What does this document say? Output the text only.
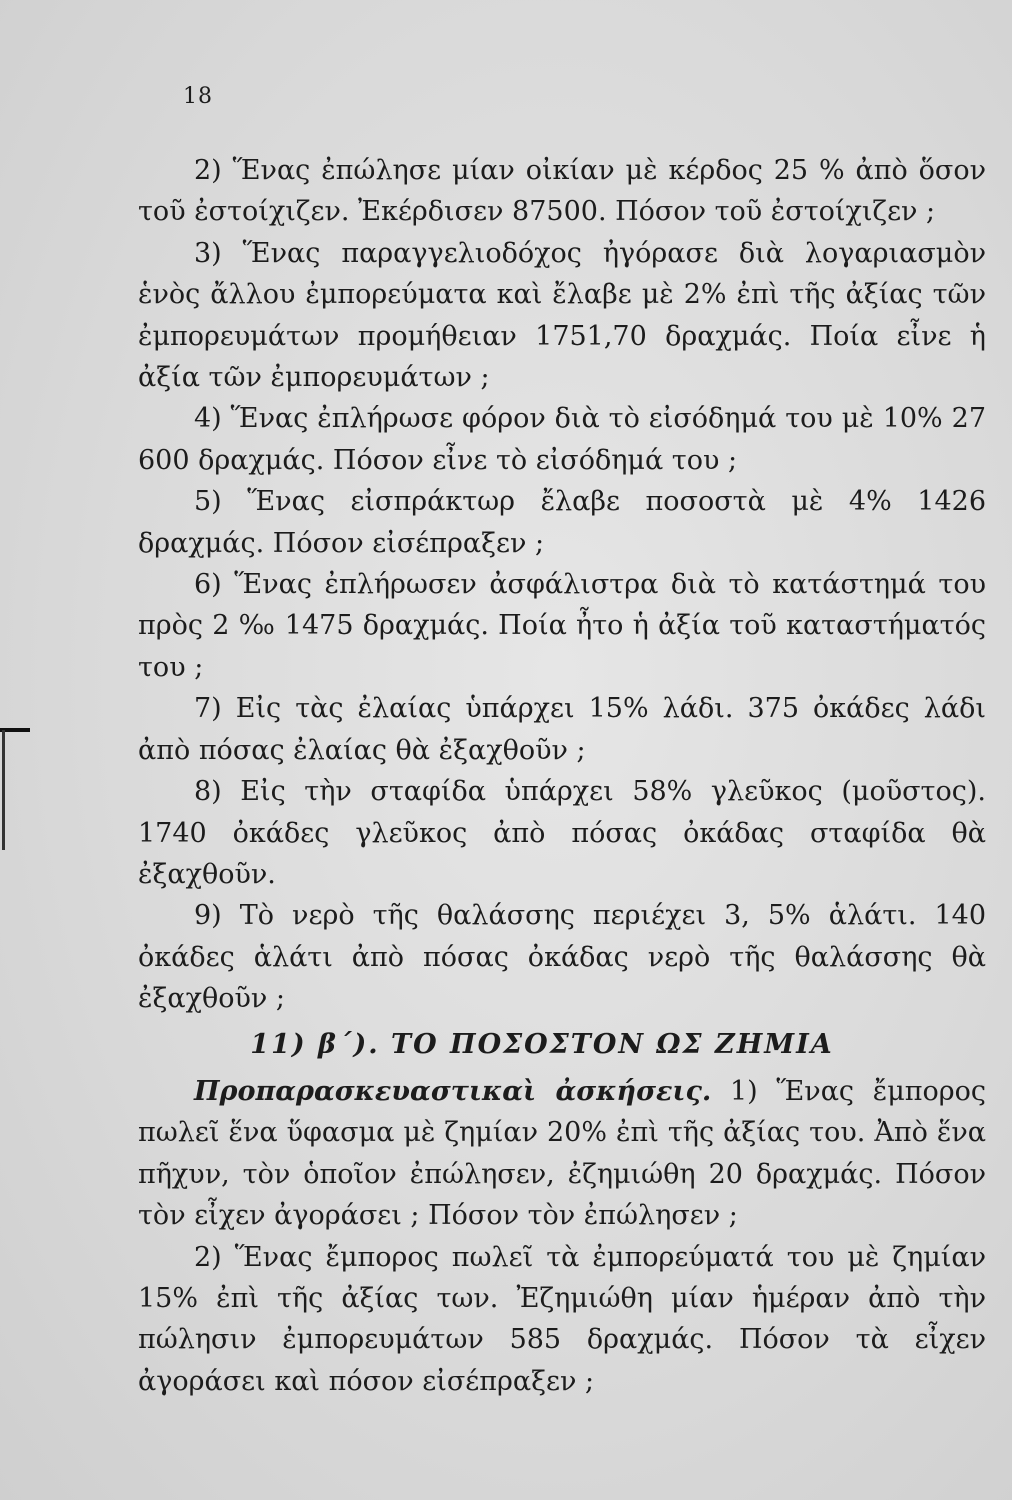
18

2) Ἕνας ἐπώλησε μίαν οἰκίαν μὲ κέρδος 25 % ἀπὸ ὅσον τοῦ ἐστοίχιζεν. Ἐκέρδισεν 87500. Πόσον τοῦ ἐστοίχιζεν ;

3) Ἕνας παραγγελιοδόχος ἠγόρασε διὰ λογαριασμὸν ἑνὸς ἄλλου ἐμπορεύματα καὶ ἔλαβε μὲ 2% ἐπὶ τῆς ἀξίας τῶν ἐμπορευμάτων προμήθειαν 1751,70 δραχμάς. Ποία εἶνε ἡ ἀξία τῶν ἐμπορευμάτων ;

4) Ἕνας ἐπλήρωσε φόρον διὰ τὸ εἰσόδημά του μὲ 10% 27 600 δραχμάς. Πόσον εἶνε τὸ εἰσόδημά του ;

5) Ἕνας εἰσπράκτωρ ἔλαβε ποσοστὰ μὲ 4% 1426 δραχμάς. Πόσον εἰσέπραξεν ;

6) Ἕνας ἐπλήρωσεν ἀσφάλιστρα διὰ τὸ κατάστημά του πρὸς 2 ‰ 1475 δραχμάς. Ποία ἦτο ἡ ἀξία τοῦ καταστήματός του ;

7) Εἰς τὰς ἐλαίας ὑπάρχει 15% λάδι. 375 ὀκάδες λάδι ἀπὸ πόσας ἐλαίας θὰ ἐξαχθοῦν ;

8) Εἰς τὴν σταφίδα ὑπάρχει 58% γλεῦκος (μοῦστος). 1740 ὀκάδες γλεῦκος ἀπὸ πόσας ὀκάδας σταφίδα θὰ ἐξαχθοῦν.

9) Τὸ νερὸ τῆς θαλάσσης περιέχει 3, 5% ἁλάτι. 140 ὀκάδες ἁλάτι ἀπὸ πόσας ὀκάδας νερὸ τῆς θαλάσσης θὰ ἐξαχθοῦν ;

11) β΄). ΤΟ ΠΟΣΟΣΤΟΝ ΩΣ ΖΗΜΙΑ

Προπαρασκευαστικαὶ ἀσκήσεις. 1) Ἕνας ἔμπορος πωλεῖ ἕνα ὕφασμα μὲ ζημίαν 20% ἐπὶ τῆς ἀξίας του. Ἀπὸ ἕνα πῆχυν, τὸν ὁποῖον ἐπώλησεν, ἐζημιώθη 20 δραχμάς. Πόσον τὸν εἶχεν ἀγοράσει ; Πόσον τὸν ἐπώλησεν ;

2) Ἕνας ἔμπορος πωλεῖ τὰ ἐμπορεύματά του μὲ ζημίαν 15% ἐπὶ τῆς ἀξίας των. Ἐζημιώθη μίαν ἡμέραν ἀπὸ τὴν πώλησιν ἐμπορευμάτων 585 δραχμάς. Πόσον τὰ εἶχεν ἀγοράσει καὶ πόσον εἰσέπραξεν ;
